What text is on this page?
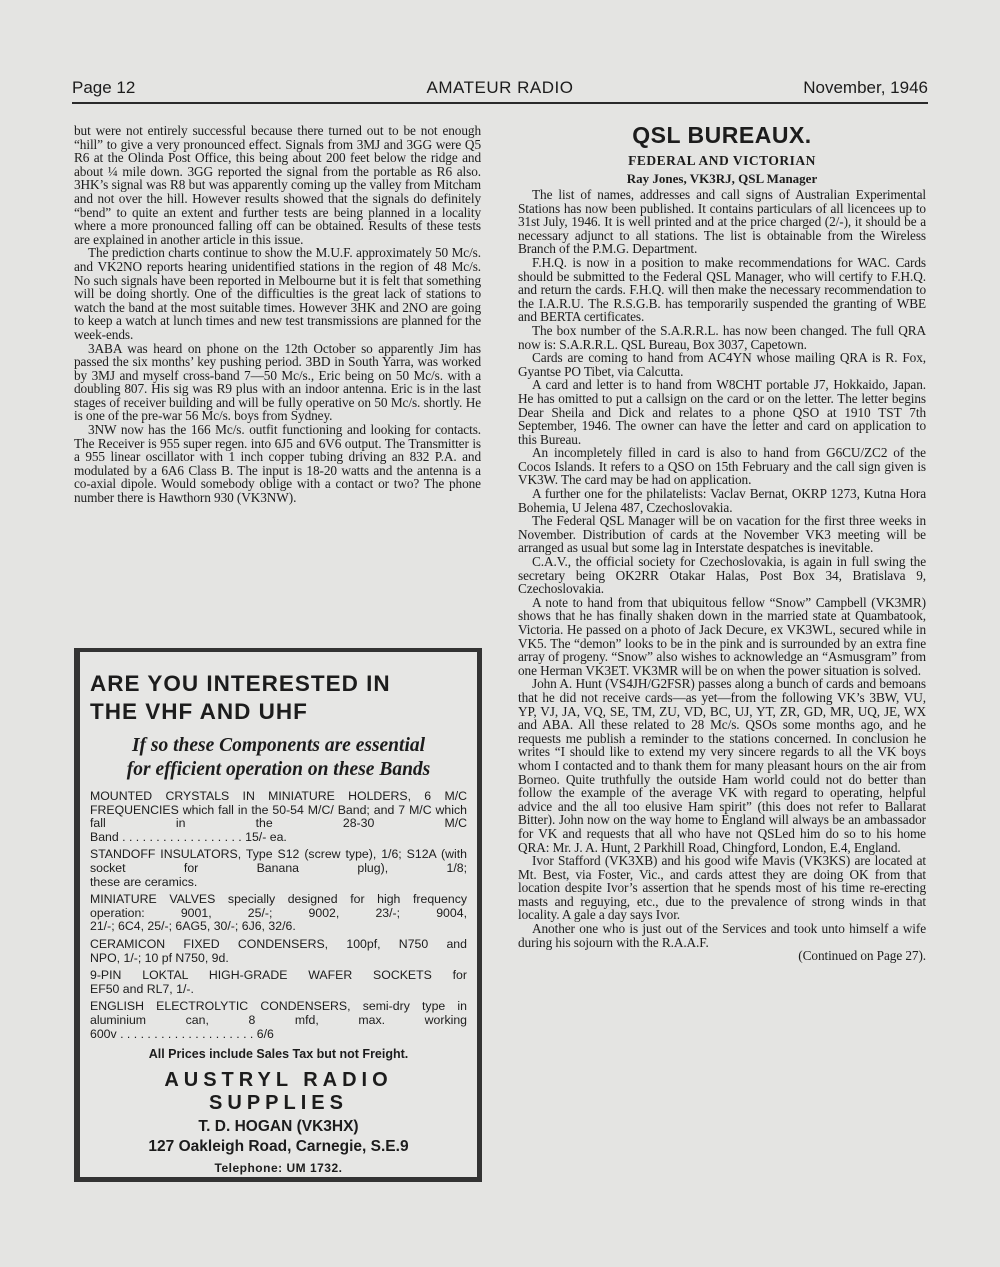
Page 12	AMATEUR RADIO	November, 1946

but were not entirely successful because there turned out to be not enough “hill” to give a very pronounced effect. Signals from 3MJ and 3GG were Q5 R6 at the Olinda Post Office, this being about 200 feet below the ridge and about ¼ mile down. 3GG reported the signal from the portable as R6 also. 3HK’s signal was R8 but was apparently coming up the valley from Mitcham and not over the hill. However results showed that the signals do definitely “bend” to quite an extent and further tests are being planned in a locality where a more pronounced falling off can be obtained. Results of these tests are explained in another article in this issue.

The prediction charts continue to show the M.U.F. approximately 50 Mc/s. and VK2NO reports hearing unidentified stations in the region of 48 Mc/s. No such signals have been reported in Melbourne but it is felt that something will be doing shortly. One of the difficulties is the great lack of stations to watch the band at the most suitable times. However 3HK and 2NO are going to keep a watch at lunch times and new test transmissions are planned for the week-ends.

3ABA was heard on phone on the 12th October so apparently Jim has passed the six months’ key pushing period. 3BD in South Yarra, was worked by 3MJ and myself cross-band 7—50 Mc/s., Eric being on 50 Mc/s. with a doubling 807. His sig was R9 plus with an indoor antenna. Eric is in the last stages of receiver building and will be fully operative on 50 Mc/s. shortly. He is one of the pre-war 56 Mc/s. boys from Sydney.

3NW now has the 166 Mc/s. outfit functioning and looking for contacts. The Receiver is 955 super regen. into 6J5 and 6V6 output. The Transmitter is a 955 linear oscillator with 1 inch copper tubing driving an 832 P.A. and modulated by a 6A6 Class B. The input is 18-20 watts and the antenna is a co-axial dipole. Would somebody oblige with a contact or two? The phone number there is Hawthorn 930 (VK3NW).

ARE YOU INTERESTED IN

THE VHF AND UHF

If so these Components are essential
for efficient operation on these Bands

MOUNTED CRYSTALS IN MINIATURE HOLDERS, 6 M/C FREQUENCIES which fall in the 50-54 M/C/ Band; and 7 M/C which fall in the 28-30 M/C
Band . . . . . . . . . . . . . . . . . . 15/- ea.
STANDOFF INSULATORS, Type S12 (screw type), 1/6; S12A (with socket for Banana plug), 1/8;
these are ceramics.
MINIATURE VALVES specially designed for high frequency operation: 9001, 25/-; 9002, 23/-; 9004,
21/-; 6C4, 25/-; 6AG5, 30/-; 6J6, 32/6.
CERAMICON FIXED CONDENSERS, 100pf, N750 and
NPO, 1/-; 10 pf N750, 9d.
9-PIN LOKTAL HIGH-GRADE WAFER SOCKETS for
EF50 and RL7, 1/-.
ENGLISH ELECTROLYTIC CONDENSERS, semi-dry type in aluminium can, 8 mfd, max. working
600v . . . . . . . . . . . . . . . . . . . . 6/6

All Prices include Sales Tax but not Freight.

AUSTRYL RADIO SUPPLIES

T. D. HOGAN (VK3HX)

127 Oakleigh Road, Carnegie, S.E.9

Telephone: UM 1732.

QSL BUREAUX.

FEDERAL AND VICTORIAN

Ray Jones, VK3RJ, QSL Manager

The list of names, addresses and call signs of Australian Experimental Stations has now been published. It contains particulars of all licencees up to 31st July, 1946. It is well printed and at the price charged (2/-), it should be a necessary adjunct to all stations. The list is obtainable from the Wireless Branch of the P.M.G. Department.

F.H.Q. is now in a position to make recommendations for WAC. Cards should be submitted to the Federal QSL Manager, who will certify to F.H.Q. and return the cards. F.H.Q. will then make the necessary recommendation to the I.A.R.U. The R.S.G.B. has temporarily suspended the granting of WBE and BERTA certificates.

The box number of the S.A.R.R.L. has now been changed. The full QRA now is: S.A.R.R.L. QSL Bureau, Box 3037, Capetown.

Cards are coming to hand from AC4YN whose mailing QRA is R. Fox, Gyantse PO Tibet, via Calcutta.

A card and letter is to hand from W8CHT portable J7, Hokkaido, Japan. He has omitted to put a callsign on the card or on the letter. The letter begins Dear Sheila and Dick and relates to a phone QSO at 1910 TST 7th September, 1946. The owner can have the letter and card on application to this Bureau.

An incompletely filled in card is also to hand from G6CU/ZC2 of the Cocos Islands. It refers to a QSO on 15th February and the call sign given is VK3W. The card may be had on application.

A further one for the philatelists: Vaclav Bernat, OKRP 1273, Kutna Hora Bohemia, U Jelena 487, Czechoslovakia.

The Federal QSL Manager will be on vacation for the first three weeks in November. Distribution of cards at the November VK3 meeting will be arranged as usual but some lag in Interstate despatches is inevitable.

C.A.V., the official society for Czechoslovakia, is again in full swing the secretary being OK2RR Otakar Halas, Post Box 34, Bratislava 9, Czechoslovakia.

A note to hand from that ubiquitous fellow “Snow” Campbell (VK3MR) shows that he has finally shaken down in the married state at Quambatook, Victoria. He passed on a photo of Jack Decure, ex VK3WL, secured while in VK5. The “demon” looks to be in the pink and is surrounded by an extra fine array of progeny. “Snow” also wishes to acknowledge an “Asmusgram” from one Herman VK3ET. VK3MR will be on when the power situation is solved.

John A. Hunt (VS4JH/G2FSR) passes along a bunch of cards and bemoans that he did not receive cards—as yet—from the following VK’s 3BW, VU, YP, VJ, JA, VQ, SE, TM, ZU, VD, BC, UJ, YT, ZR, GD, MR, UQ, JE, WX and ABA. All these related to 28 Mc/s. QSOs some months ago, and he requests me publish a reminder to the stations concerned. In conclusion he writes “I should like to extend my very sincere regards to all the VK boys whom I contacted and to thank them for many pleasant hours on the air from Borneo. Quite truthfully the outside Ham world could not do better than follow the example of the average VK with regard to operating, helpful advice and the all too elusive Ham spirit” (this does not refer to Ballarat Bitter). John now on the way home to England will always be an ambassador for VK and requests that all who have not QSLed him do so to his home QRA: Mr. J. A. Hunt, 2 Parkhill Road, Chingford, London, E.4, England.

Ivor Stafford (VK3XB) and his good wife Mavis (VK3KS) are located at Mt. Best, via Foster, Vic., and cards attest they are doing OK from that location despite Ivor’s assertion that he spends most of his time re-erecting masts and reguying, etc., due to the prevalence of strong winds in that locality. A gale a day says Ivor.

Another one who is just out of the Services and took unto himself a wife during his sojourn with the R.A.A.F.

(Continued on Page 27).
